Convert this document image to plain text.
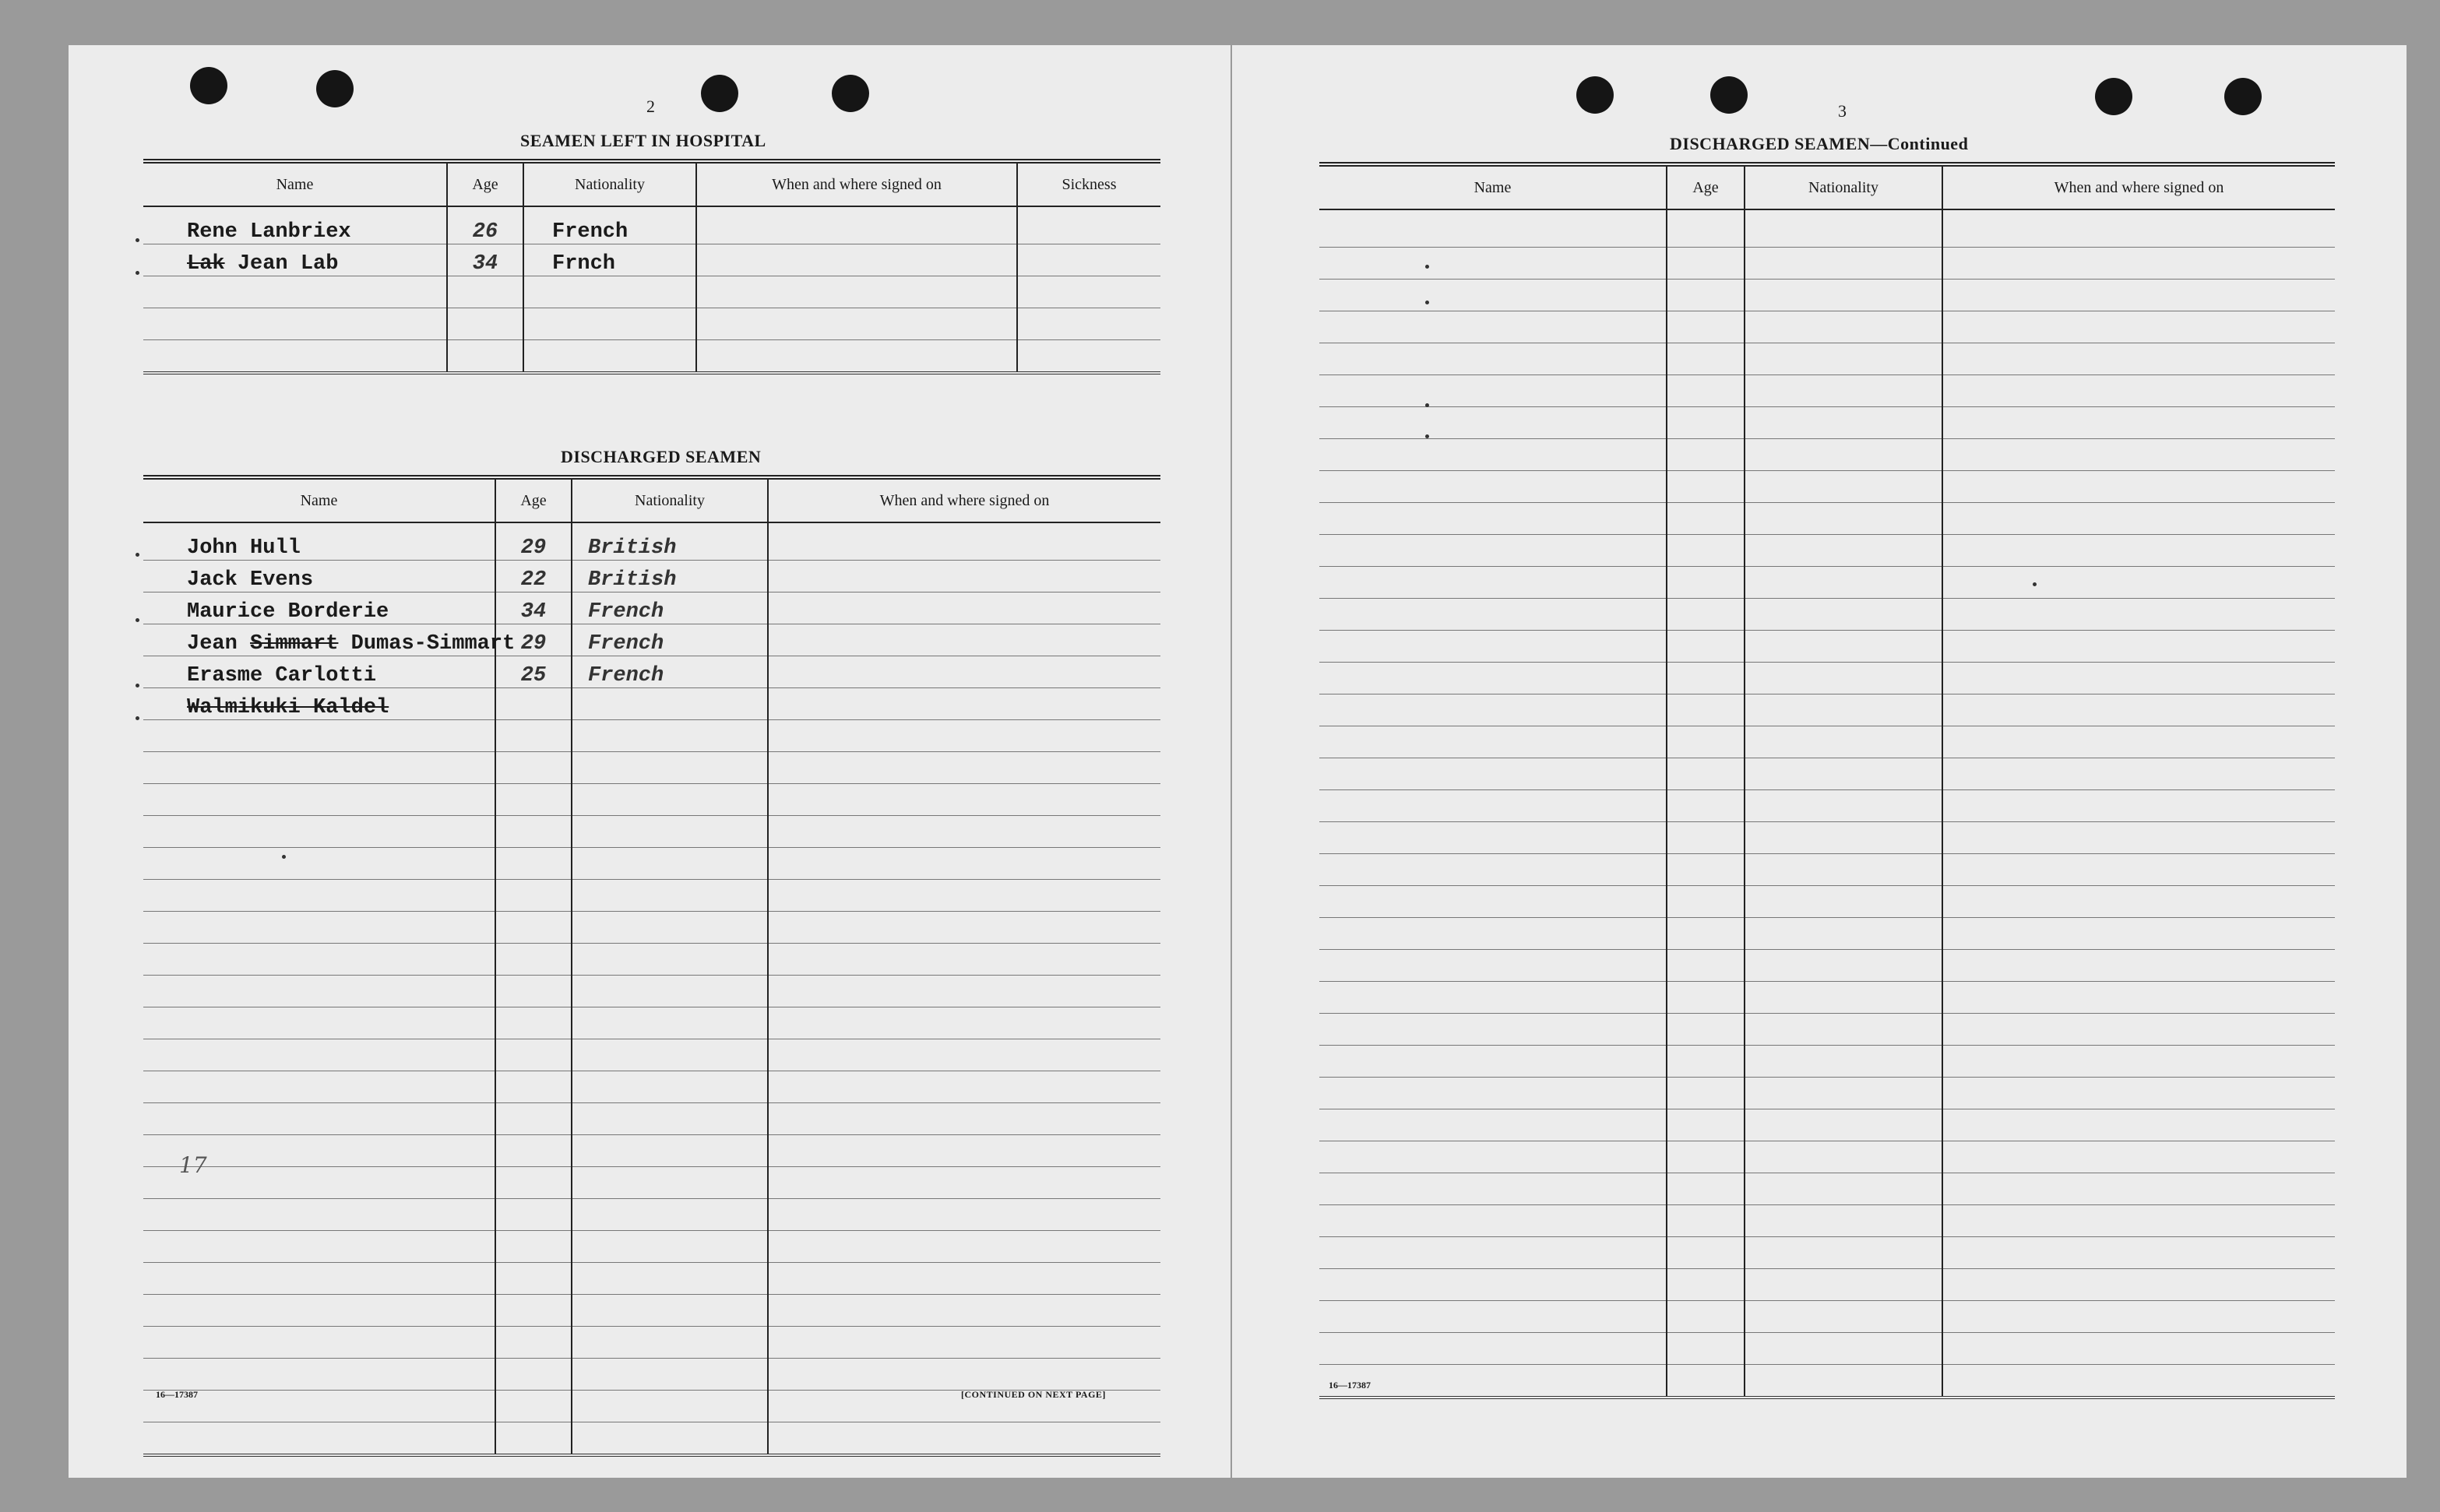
2
SEAMEN LEFT IN HOSPITAL
Name	Age	Nationality	When and where signed on	Sickness
Rene Lanbriex	26	French		
Lak Jean Lab	34	Frnch		

DISCHARGED SEAMEN
Name	Age	Nationality	When and where signed on
John Hull	29	British	
Jack Evens	22	British	
Maurice Borderie	34	French	
Jean Simmart Dumas-Simmart	29	French	
Erasme Carlotti	25	French	
Walmikuki Kaldel			

17
16—17387	[CONTINUED ON NEXT PAGE]
3
DISCHARGED SEAMEN—Continued
Name	Age	Nationality	When and where signed on

16—17387
